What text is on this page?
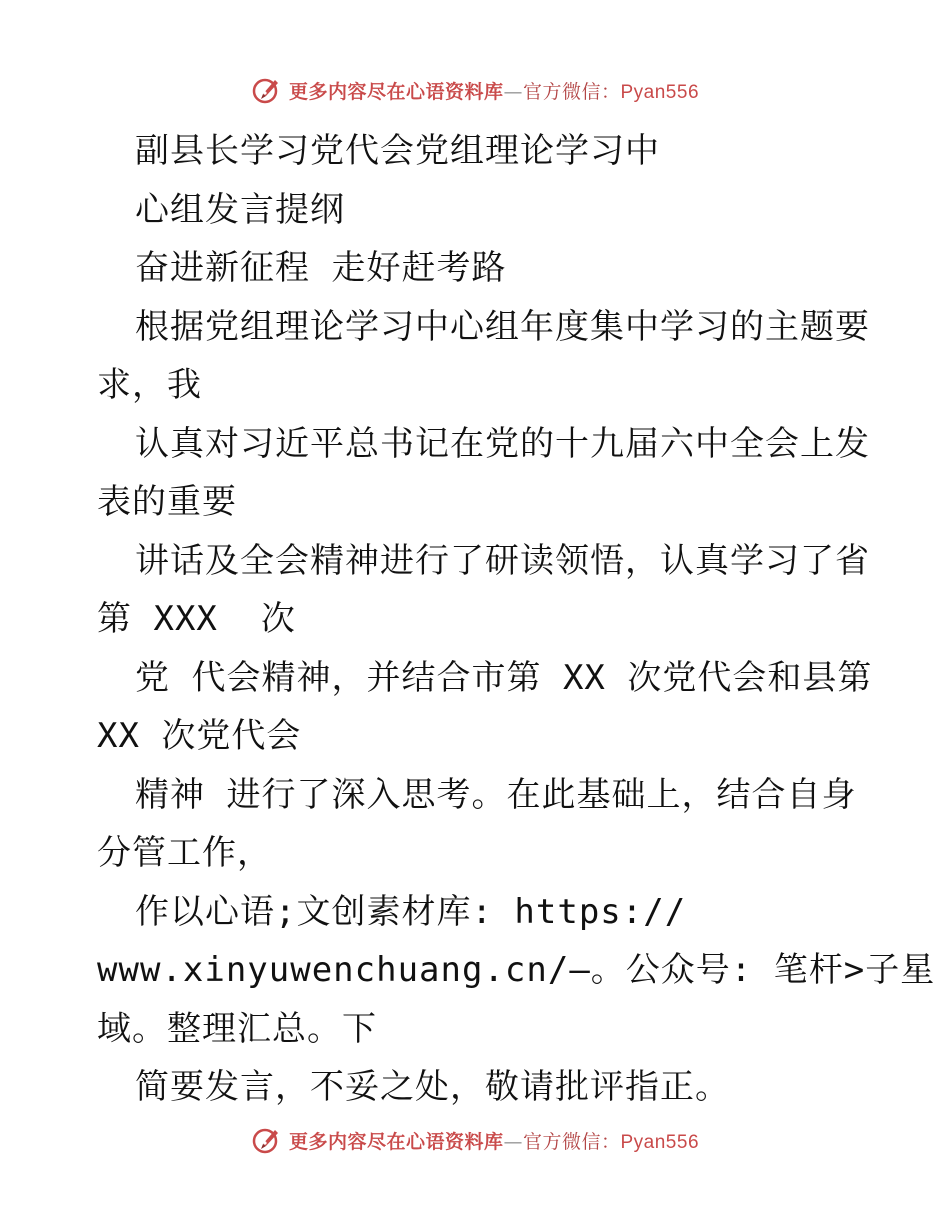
更多内容尽在心语资料库—官方微信：Pyan556
副县长学习党代会党组理论学习中
心组发言提纲
奋进新征程 走好赶考路
根据党组理论学习中心组年度集中学习的主题要
求，我
认真对习近平总书记在党的十九届六中全会上发
表的重要
讲话及全会精神进行了研读领悟，认真学习了省
第 XXX  次
党 代会精神，并结合市第 XX 次党代会和县第
XX 次党代会
精神 进行了深入思考。在此基础上，结合自身
分管工作，
作以心语;文创素材库: https://
www.xinyuwenchuang.cn/—。公众号: 笔杆>子星
域。整理汇总。下
简要发言，不妥之处，敬请批评指正。
更多内容尽在心语资料库—官方微信：Pyan556
